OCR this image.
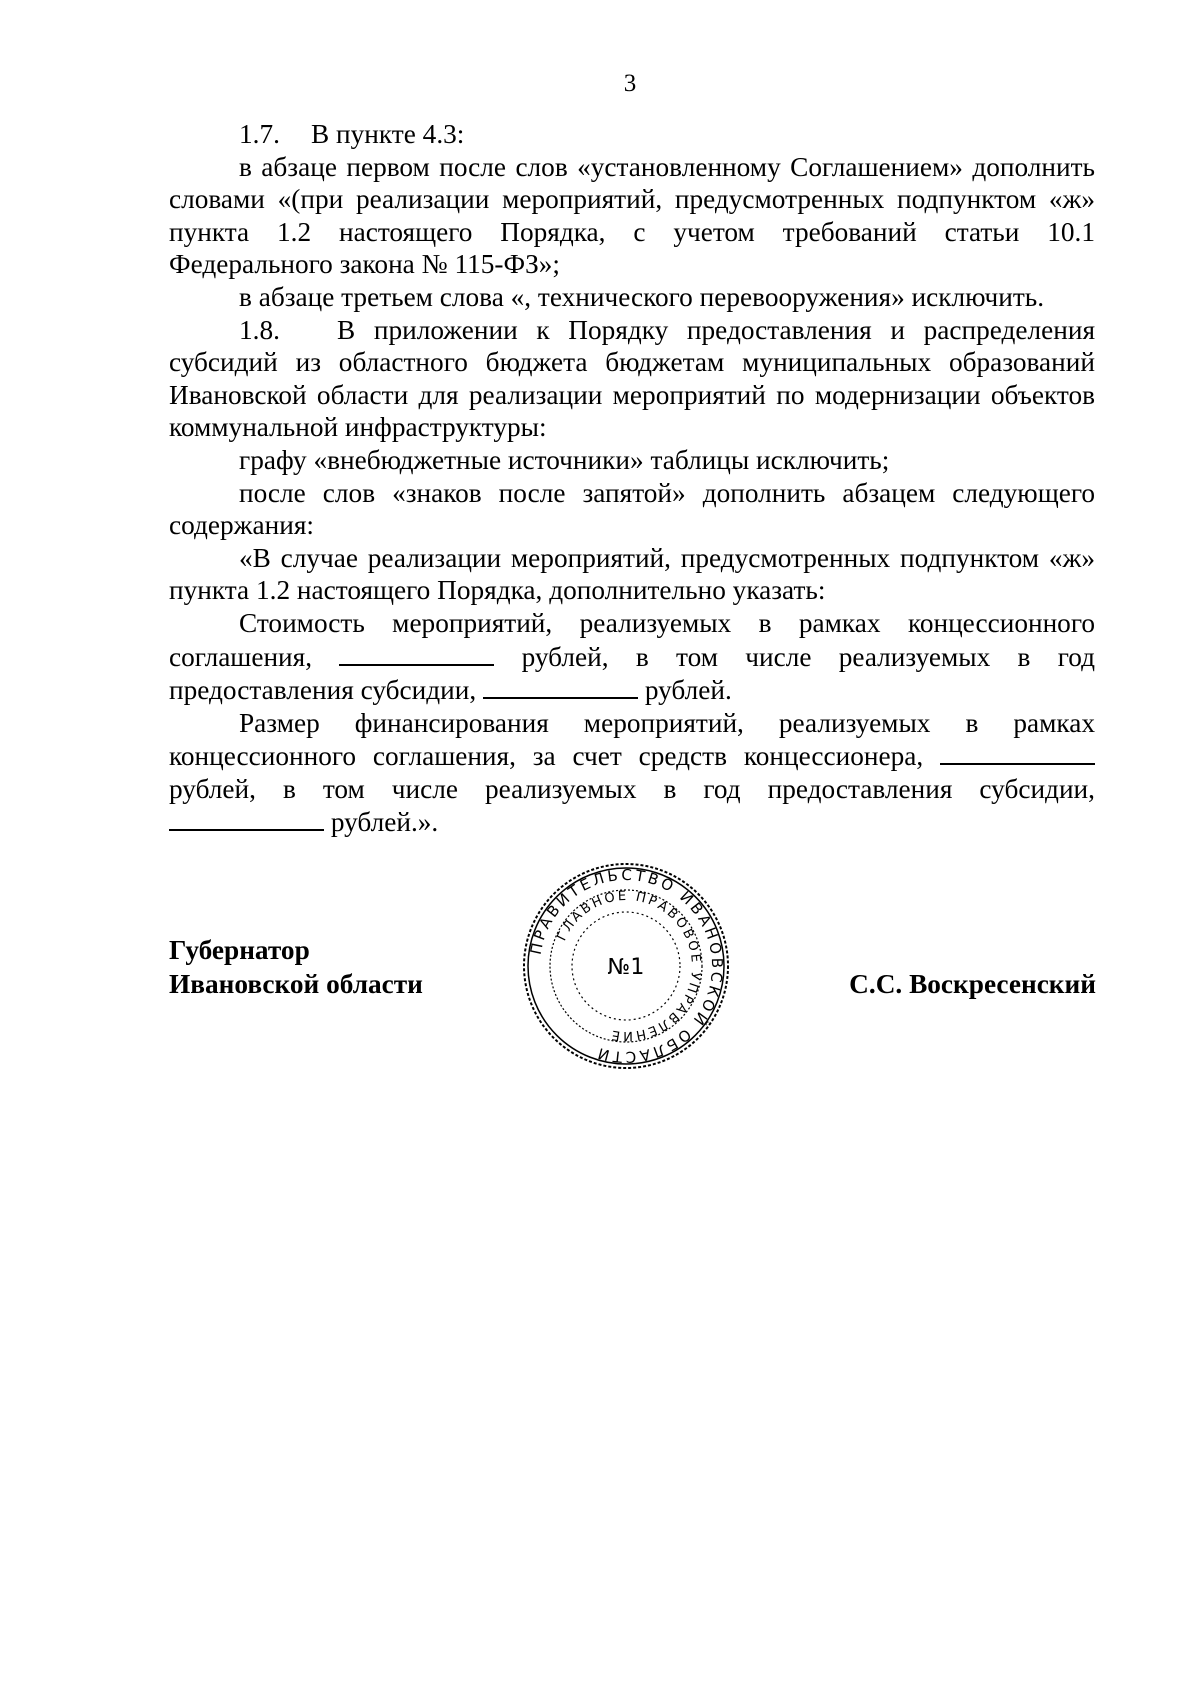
3

1.7. В пункте 4.3:

в абзаце первом после слов «установленному Соглашением» дополнить словами «(при реализации мероприятий, предусмотренных подпунктом «ж» пункта 1.2 настоящего Порядка, с учетом требований статьи 10.1 Федерального закона № 115-ФЗ»;

в абзаце третьем слова «, технического перевооружения» исключить.

1.8. В приложении к Порядку предоставления и распределения субсидий из областного бюджета бюджетам муниципальных образований Ивановской области для реализации мероприятий по модернизации объектов коммунальной инфраструктуры:

графу «внебюджетные источники» таблицы исключить;

после слов «знаков после запятой» дополнить абзацем следующего содержания:

«В случае реализации мероприятий, предусмотренных подпунктом «ж» пункта 1.2 настоящего Порядка, дополнительно указать:

Стоимость мероприятий, реализуемых в рамках концессионного соглашения,	рублей, в том числе реализуемых в год предоставления субсидии,	рублей.

Размер финансирования мероприятий, реализуемых в рамках концессионного соглашения, за счет средств концессионера,  рублей, в том числе реализуемых в год предоставления субсидии,  рублей.».

Губернатор
Ивановской области
ПРАВИТЕЛЬСТВО ИВАНОВСКОЙ ОБЛАСТИ
ГЛАВНОЕ ПРАВОВОЕ УПРАВЛЕНИЕ
№1
С.С. Воскресенский
